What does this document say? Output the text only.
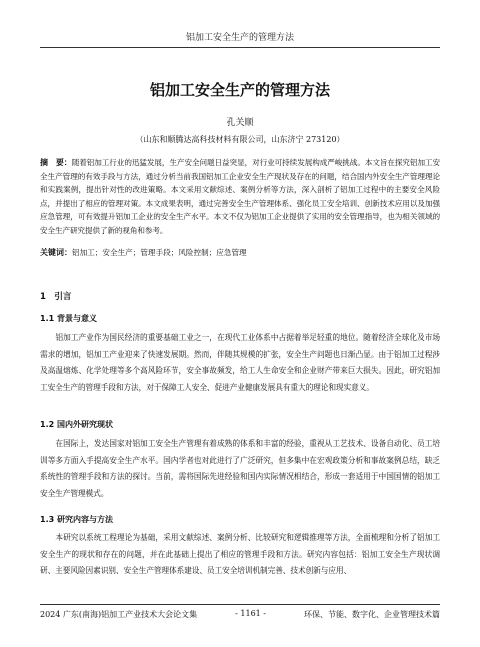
铝加工安全生产的管理方法
铝加工安全生产的管理方法
孔关顺
（山东和顺腾达高科技材料有限公司，山东济宁 273120）
摘　要：随着铝加工行业的迅猛发展，生产安全问题日益突显，对行业可持续发展构成严峻挑战。本文旨在探究铝加工安全生产管理的有效手段与方法，通过分析当前我国铝加工企业安全生产现状及存在的问题，结合国内外安全生产管理理论和实践案例，提出针对性的改进策略。本文采用文献综述、案例分析等方法，深入剖析了铝加工过程中的主要安全风险点，并提出了相应的管理对策。本文成果表明，通过完善安全生产管理体系、强化员工安全培训、创新技术应用以及加强应急管理，可有效提升铝加工企业的安全生产水平。本文不仅为铝加工企业提供了实用的安全管理指导，也为相关领域的安全生产研究提供了新的视角和参考。
关键词：铝加工；安全生产；管理手段；风险控制；应急管理
1　引言
1.1 背景与意义
铝加工产业作为国民经济的重要基础工业之一，在现代工业体系中占据着举足轻重的地位。随着经济全球化及市场需求的增加，铝加工产业迎来了快速发展期。然而，伴随其规模的扩张，安全生产问题也日渐凸显。由于铝加工过程涉及高温熔炼、化学处理等多个高风险环节，安全事故频发，给工人生命安全和企业财产带来巨大损失。因此，研究铝加工安全生产的管理手段和方法，对于保障工人安全、促进产业健康发展具有重大的理论和现实意义。
1.2 国内外研究现状
在国际上，发达国家对铝加工安全生产管理有着成熟的体系和丰富的经验，重视从工艺技术、设备自动化、员工培训等多方面入手提高安全生产水平。国内学者也对此进行了广泛研究，但多集中在宏观政策分析和事故案例总结，缺乏系统性的管理手段和方法的探讨。当前，需将国际先进经验和国内实际情况相结合，形成一套适用于中国国情的铝加工安全生产管理模式。
1.3 研究内容与方法
本研究以系统工程理论为基础，采用文献综述、案例分析、比较研究和逻辑推理等方法，全面梳理和分析了铝加工安全生产的现状和存在的问题，并在此基础上提出了相应的管理手段和方法。研究内容包括：铝加工安全生产现状调研、主要风险因素识别、安全生产管理体系建设、员工安全培训机制完善、技术创新与应用、
2024 广东(南海)铝加工产业技术大会论文集	- 1161 -	环保、节能、数字化、企业管理技术篇
